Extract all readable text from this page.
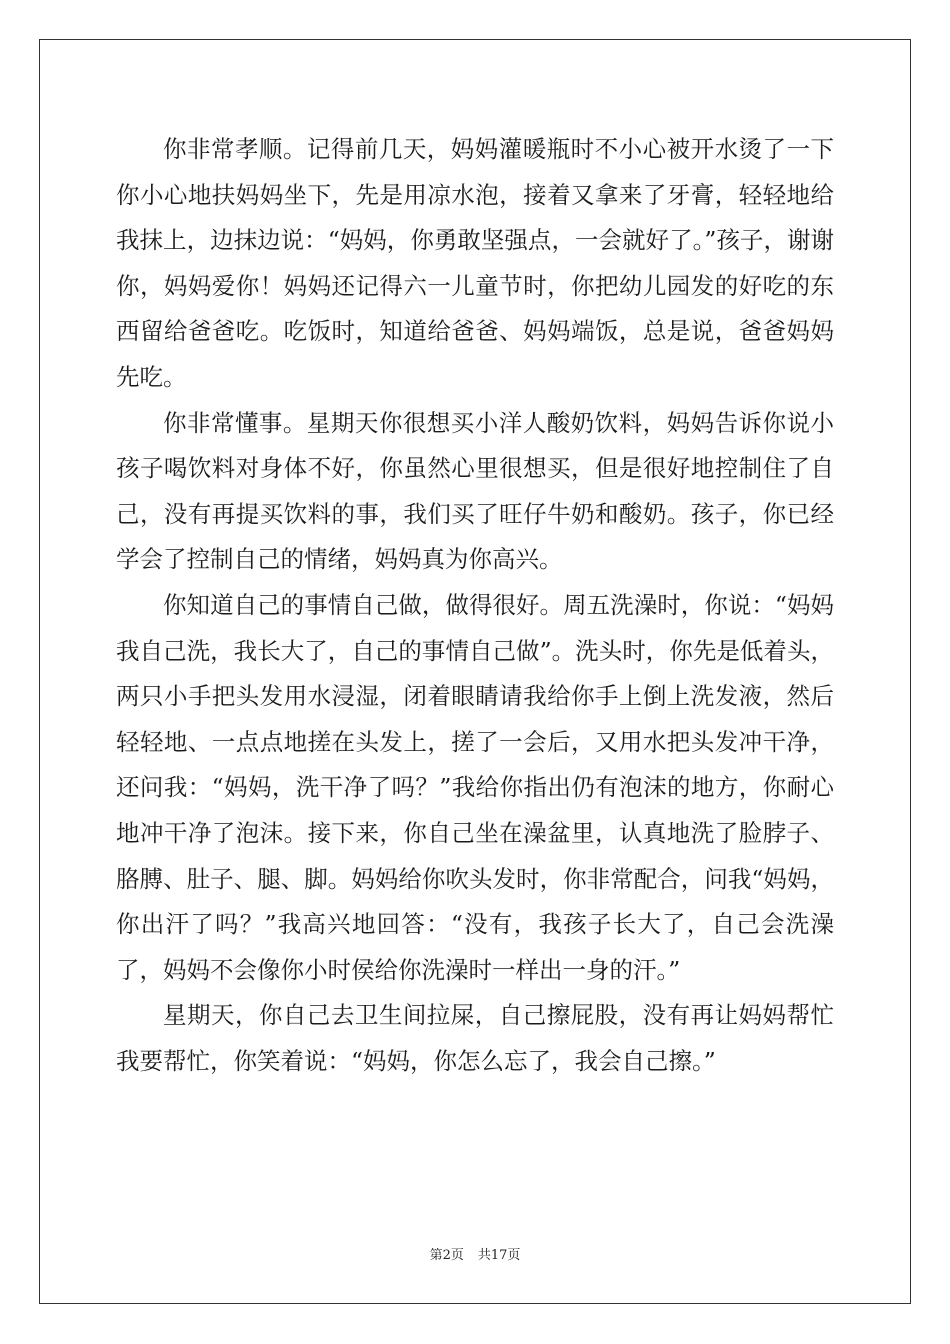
你非常孝顺。记得前几天，妈妈灌暖瓶时不小心被开水烫了一下你小心地扶妈妈坐下，先是用凉水泡，接着又拿来了牙膏，轻轻地给我抹上，边抹边说：“妈妈，你勇敢坚强点，一会就好了。”孩子，谢谢你，妈妈爱你！妈妈还记得六一儿童节时，你把幼儿园发的好吃的东西留给爸爸吃。吃饭时，知道给爸爸、妈妈端饭，总是说，爸爸妈妈先吃。

你非常懂事。星期天你很想买小洋人酸奶饮料，妈妈告诉你说小孩子喝饮料对身体不好，你虽然心里很想买，但是很好地控制住了自己，没有再提买饮料的事，我们买了旺仔牛奶和酸奶。孩子，你已经学会了控制自己的情绪，妈妈真为你高兴。

你知道自己的事情自己做，做得很好。周五洗澡时，你说：“妈妈我自己洗，我长大了，自己的事情自己做”。洗头时，你先是低着头，两只小手把头发用水浸湿，闭着眼睛请我给你手上倒上洗发液，然后轻轻地、一点点地搓在头发上，搓了一会后，又用水把头发冲干净，还问我：“妈妈，洗干净了吗？”我给你指出仍有泡沫的地方，你耐心地冲干净了泡沫。接下来，你自己坐在澡盆里，认真地洗了脸脖子、胳膊、肚子、腿、脚。妈妈给你吹头发时，你非常配合，问我“妈妈，你出汗了吗？”我高兴地回答：“没有，我孩子长大了，自己会洗澡了，妈妈不会像你小时侯给你洗澡时一样出一身的汗。”

星期天，你自己去卫生间拉屎，自己擦屁股，没有再让妈妈帮忙我要帮忙，你笑着说：“妈妈，你怎么忘了，我会自己擦。”

第2页 共17页
